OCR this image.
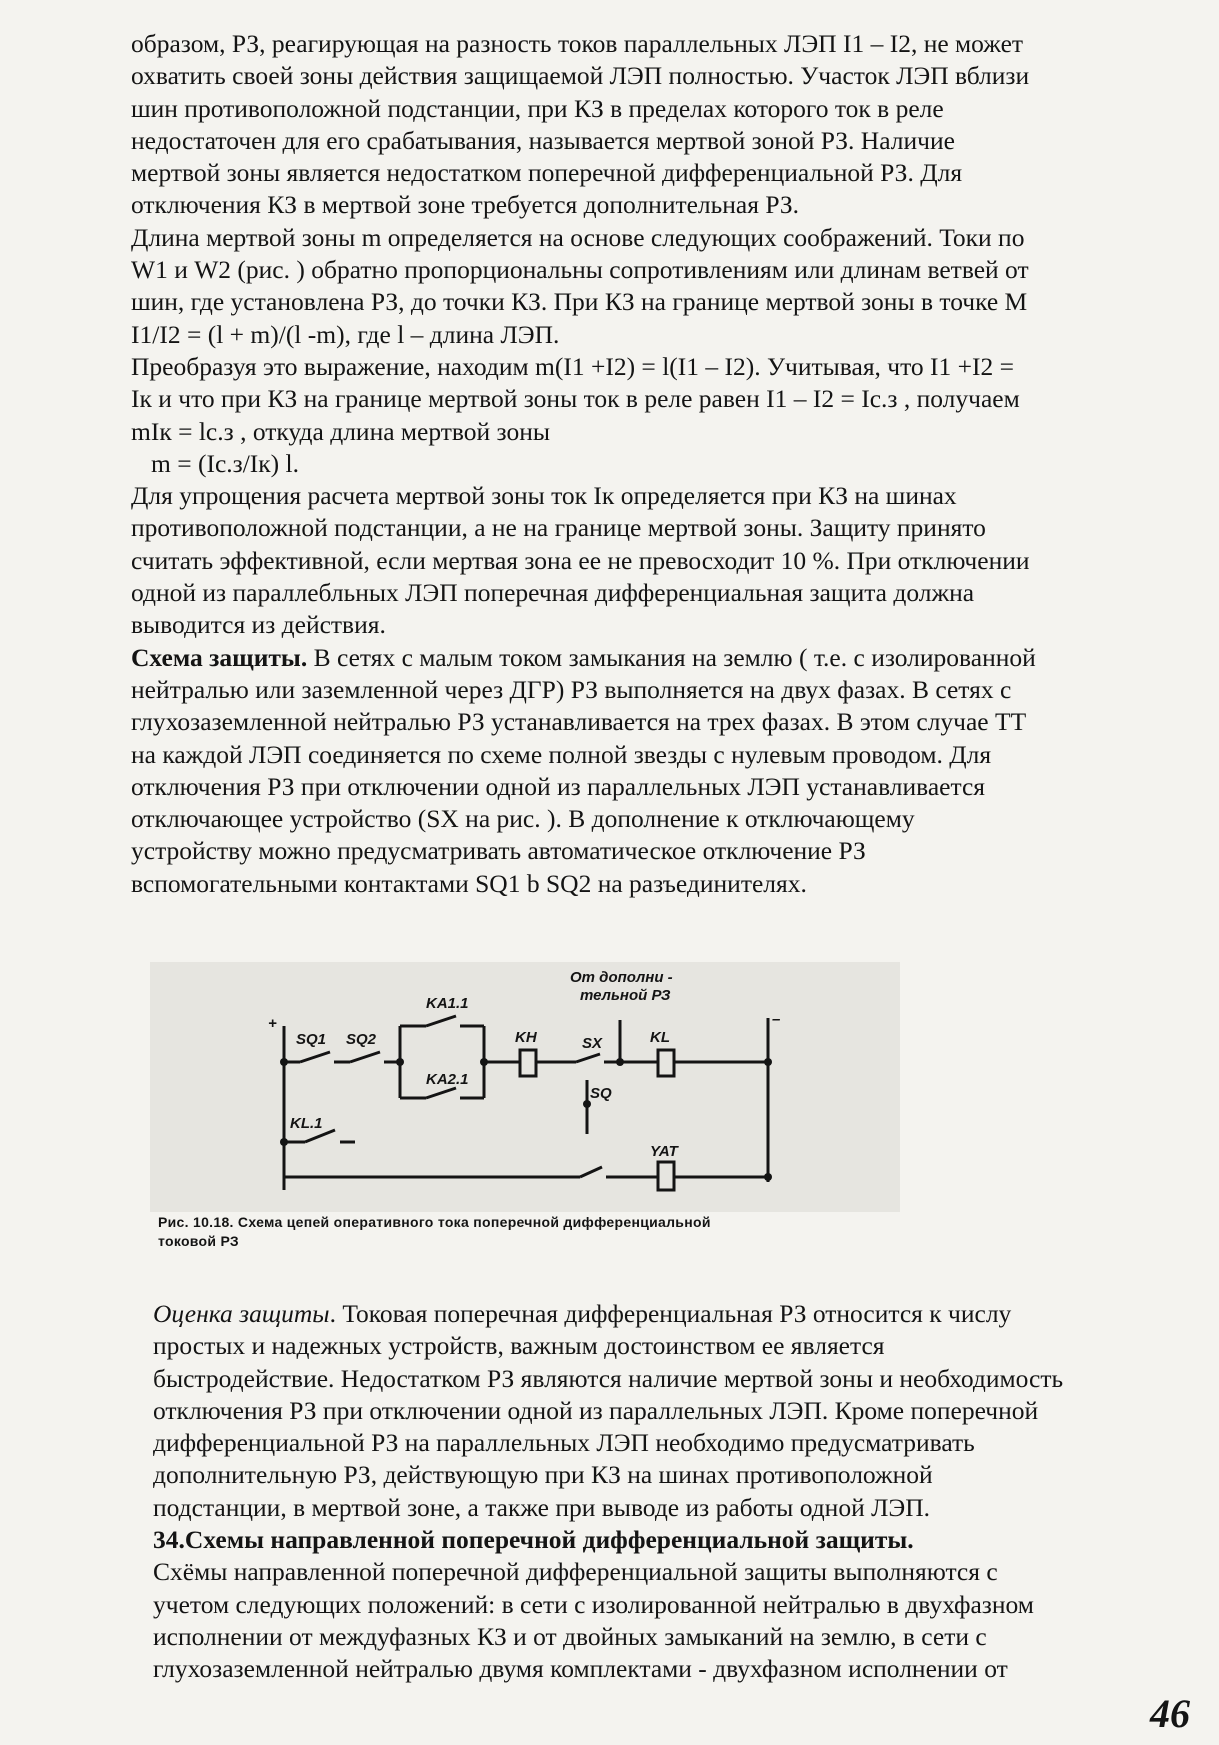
образом, РЗ, реагирующая на разность токов параллельных ЛЭП I1 – I2, не может
охватить своей зоны действия защищаемой ЛЭП полностью. Участок ЛЭП вблизи
шин противоположной подстанции, при КЗ в пределах которого ток в реле
недостаточен для его срабатывания, называется мертвой зоной РЗ. Наличие
мертвой зоны является недостатком поперечной дифференциальной РЗ. Для
отключения КЗ в мертвой зоне требуется дополнительная РЗ.
Длина мертвой зоны m определяется на основе следующих соображений. Токи по
W1 и W2 (рис. ) обратно пропорциональны сопротивлениям или длинам ветвей от
шин, где установлена РЗ, до точки КЗ. При КЗ на границе мертвой зоны в точке М
I1/I2 = (l + m)/(l -m), где l – длина ЛЭП.
Преобразуя это выражение, находим m(I1 +I2) = l(I1 – I2). Учитывая, что I1 +I2 =
Iк и что при КЗ на границе мертвой зоны ток в реле равен I1 – I2 = Iс.з , получаем
mIк = lс.з , откуда длина мертвой зоны
m = (Iс.з/Iк) l.
Для упрощения расчета мертвой зоны ток Iк определяется при КЗ на шинах
противоположной подстанции, а не на границе мертвой зоны. Защиту принято
считать эффективной, если мертвая зона ее не превосходит 10 %. При отключении
одной из параллебльных ЛЭП поперечная дифференциальная защита должна
выводится из действия.
Схема защиты. В сетях с малым током замыкания на землю ( т.е. с изолированной
нейтралью или заземленной через ДГР) РЗ выполняется на двух фазах. В сетях с
глухозаземленной нейтралью РЗ устанавливается на трех фазах. В этом случае ТТ
на каждой ЛЭП соединяется по схеме полной звезды с нулевым проводом. Для
отключения РЗ при отключении одной из параллельных ЛЭП устанавливается
отключающее устройство (SX на рис. ). В дополнение к отключающему
устройству можно предусматривать автоматическое отключение РЗ
вспомогательными контактами SQ1 b SQ2 на разъединителях.
+	–
SQ1 SQ2
KA1.1
KA2.1
KH	SX	KL
KL.1
SQ
YAT
От дополни -
тельной РЗ
Рис. 10.18. Схема цепей оперативного тока поперечной дифференциальной
токовой РЗ
Оценка защиты. Токовая поперечная дифференциальная РЗ относится к числу
простых и надежных устройств, важным достоинством ее является
быстродействие. Недостатком РЗ являются наличие мертвой зоны и необходимость
отключения РЗ при отключении одной из параллельных ЛЭП. Кроме поперечной
дифференциальной РЗ на параллельных ЛЭП необходимо предусматривать
дополнительную РЗ, действующую при КЗ на шинах противоположной
подстанции, в мертвой зоне, а также при выводе из работы одной ЛЭП.
34.Схемы направленной поперечной дифференциальной защиты.
Схёмы направленной поперечной дифференциальной защиты выполняются с
учетом следующих положений: в сети с изолированной нейтралью в двухфазном
исполнении от междуфазных КЗ и от двойных замыканий на землю, в сети с
глухозаземленной нейтралью двумя комплектами - двухфазном исполнении от
46
